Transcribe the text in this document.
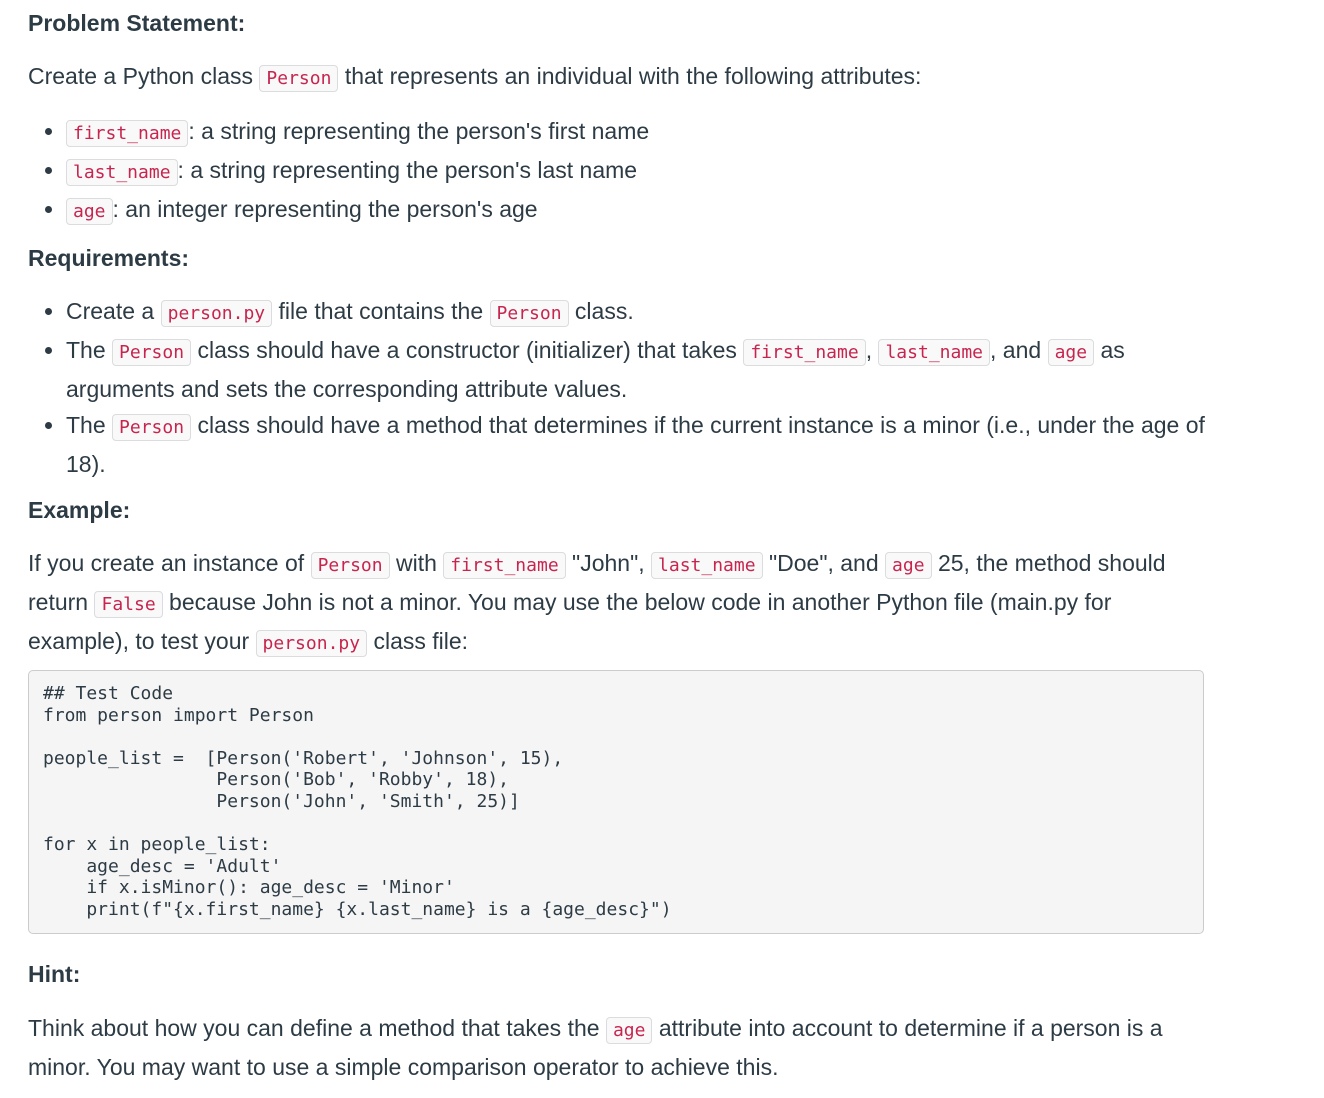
Problem Statement:

Create a Python class Person that represents an individual with the following attributes:

• first_name : a string representing the person's first name
• last_name : a string representing the person's last name
• age : an integer representing the person's age
Requirements:
• Create a person.py file that contains the Person class.
• The Person class should have a constructor (initializer) that takes first_name , last_name , and age as arguments and sets the corresponding attribute values.
• The Person class should have a method that determines if the current instance is a minor (i.e., under the age of 18).
Example:

If you create an instance of Person with first_name "John", last_name "Doe", and age 25, the method should return False because John is not a minor. You may use the below code in another Python file (main.py for example), to test your person.py class file:

## Test Code
from person import Person

people_list =  [Person('Robert', 'Johnson', 15),
Person('Bob', 'Robby', 18),
Person('John', 'Smith', 25)]

for x in people_list:
age_desc = 'Adult'
if x.isMinor(): age_desc = 'Minor'
print(f"{x.first_name} {x.last_name} is a {age_desc}")
Hint:

Think about how you can define a method that takes the age attribute into account to determine if a person is a minor. You may want to use a simple comparison operator to achieve this.
